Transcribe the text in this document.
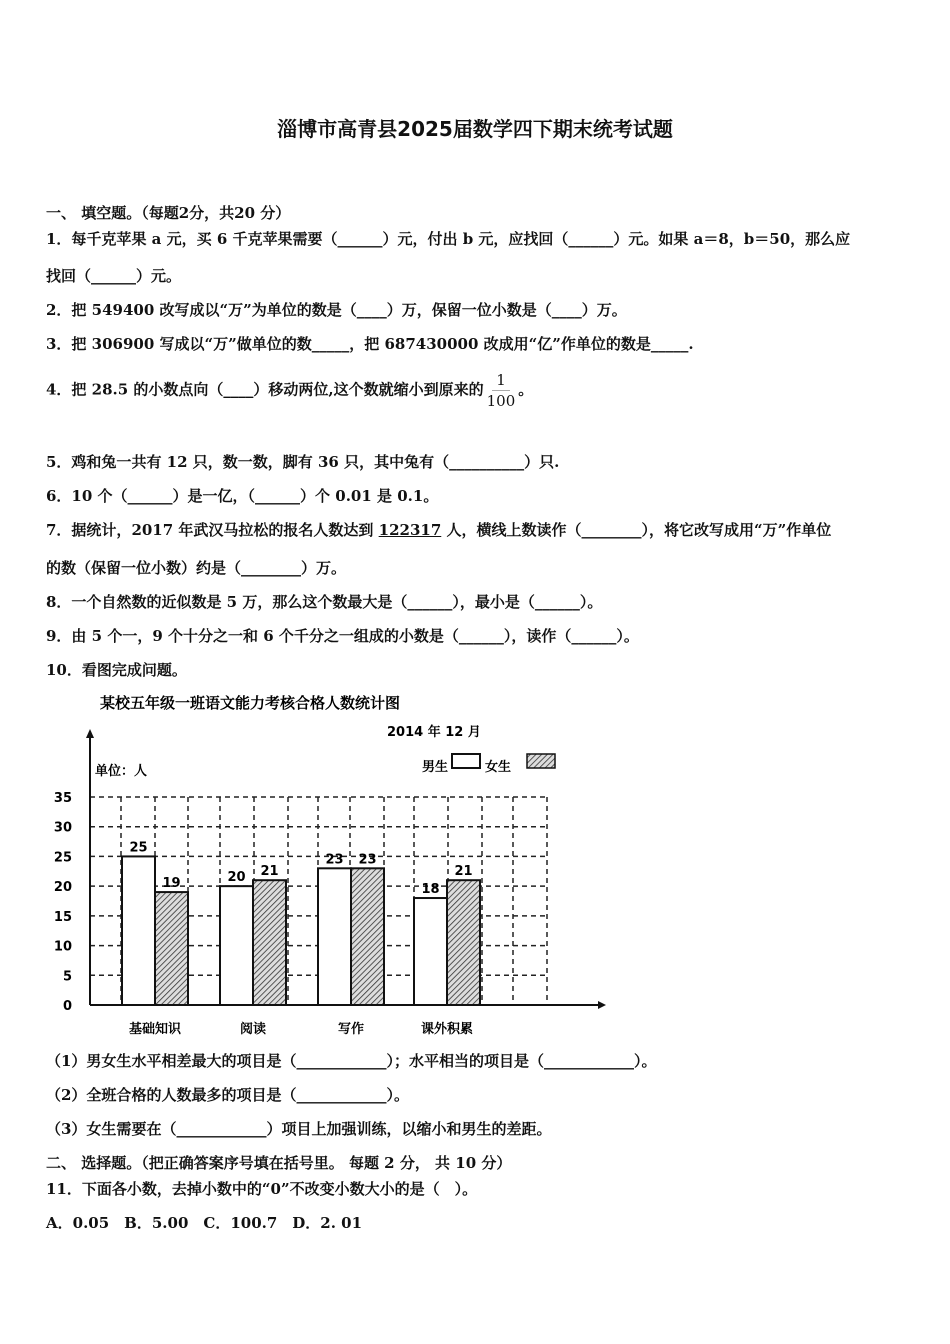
淄博市高青县2025届数学四下期末统考试题
一、 填空题。（每题2分，共20 分）
1．每千克苹果 a 元，买 6 千克苹果需要（______）元，付出 b 元，应找回（______）元。如果 a＝8，b＝50，那么应
找回（______）元。
2．把 549400 改写成以“万”为单位的数是（____）万，保留一位小数是（____）万。
3．把 306900 写成以“万”做单位的数_____，把 687430000 改成用“亿”作单位的数是_____.
4．把 28.5 的小数点向（____）移动两位,这个数就缩小到原来的 $\frac{1}{100}$ 。
5．鸡和兔一共有 12 只，数一数，脚有 36 只，其中兔有（__________）只.
6．10 个（______）是一亿，（______）个 0.01 是 0.1。
7．据统计，2017 年武汉马拉松的报名人数达到 122317 人，横线上数读作（________），将它改写成用“万”作单位
的数（保留一位小数）约是（________）万。
8．一个自然数的近似数是 5 万，那么这个数最大是（______），最小是（______）。
9．由 5 个一，9 个十分之一和 6 个千分之一组成的小数是（______），读作（______）。
10．看图完成问题。
某校五年级一班语文能力考核合格人数统计图
2014 年 12 月
单位：人	男生	女生
0
5
10
15
20
25
30
35
25
19
基础知识
20 21
阅读
23 23
写作
18
21
课外积累
（1）男女生水平相差最大的项目是（____________）；水平相当的项目是（____________）。
（2）全班合格的人数最多的项目是（____________）。
（3）女生需要在（____________）项目上加强训练，以缩小和男生的差距。
二、 选择题。（把正确答案序号填在括号里。 每题 2 分， 共 10 分）
11．下面各小数，去掉小数中的“0”不改变小数大小的是（　）。
A．0.05　B．5.00　C．100.7　D．2. 01
